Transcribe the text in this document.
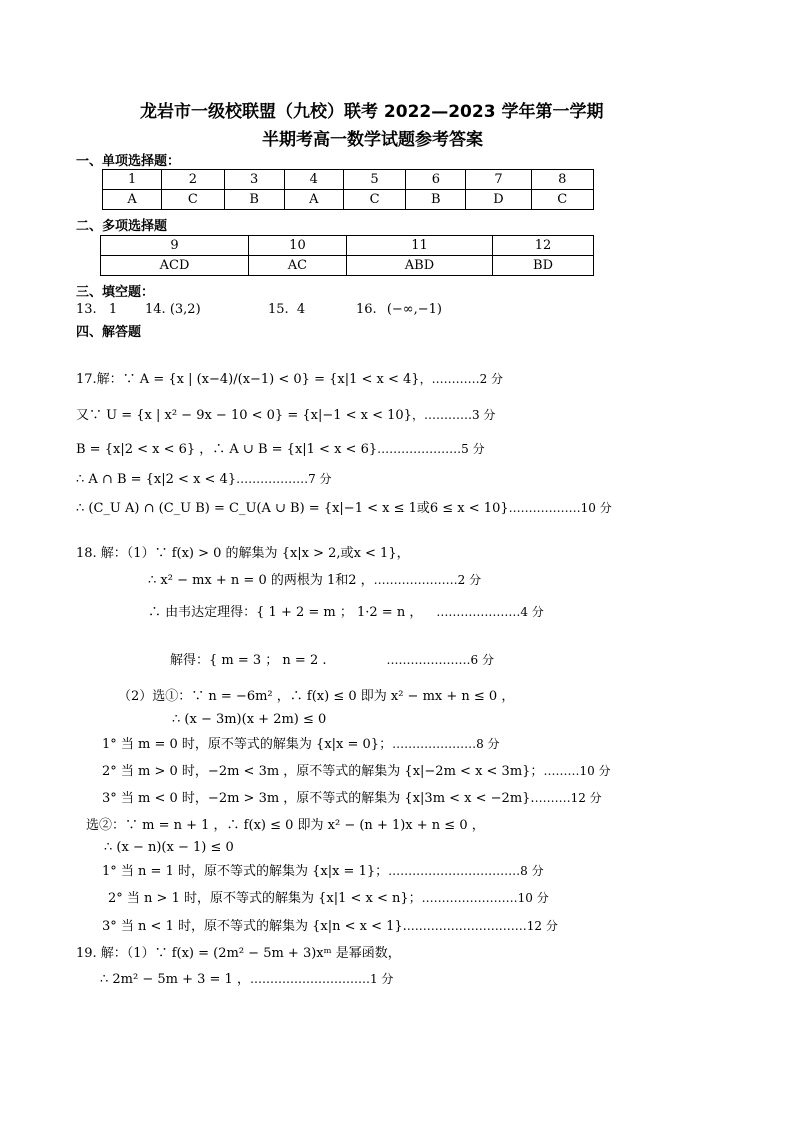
龙岩市一级校联盟（九校）联考 2022—2023 学年第一学期
半期考高一数学试题参考答案
一、单项选择题：
1	2	3	4	5	6	7	8
A	C	B	A	C	B	D	C
二、多项选择题
9	10	11	12
ACD	AC	ABD	BD
三、填空题：
13. 1 14. (3,2)	15. 4	16. (−∞,−1)
四、解答题
17.解：∵ A = {x | (x−4)/(x−1) < 0} = {x|1 < x < 4}，…………2 分
又∵ U = {x | x² − 9x − 10 < 0} = {x|−1 < x < 10}，…………3 分
B = {x|2 < x < 6} ，∴ A ∪ B = {x|1 < x < 6}…………………5 分
∴ A ∩ B = {x|2 < x < 4}………………7 分
∴ (C_U A) ∩ (C_U B) = C_U(A ∪ B) = {x|−1 < x ≤ 1或6 ≤ x < 10}………………10 分
18. 解：（1）∵ f(x) > 0 的解集为 {x|x > 2,或x < 1}，
∴ x² − mx + n = 0 的两根为 1和2 ，…………………2 分
∴ 由韦达定理得：{ 1 + 2 = m ； 1·2 = n ， …………………4 分
解得：{ m = 3 ； n = 2 .	…………………6 分
（2）选①：∵ n = −6m² ，∴ f(x) ≤ 0 即为 x² − mx + n ≤ 0 ，
∴ (x − 3m)(x + 2m) ≤ 0
1° 当 m = 0 时，原不等式的解集为 {x|x = 0}；…………………8 分
2° 当 m > 0 时，−2m < 3m ，原不等式的解集为 {x|−2m < x < 3m}；………10 分
3° 当 m < 0 时，−2m > 3m ，原不等式的解集为 {x|3m < x < −2m}.………12 分
选②：∵ m = n + 1 ，∴ f(x) ≤ 0 即为 x² − (n + 1)x + n ≤ 0 ，
∴ (x − n)(x − 1) ≤ 0
1° 当 n = 1 时，原不等式的解集为 {x|x = 1}；……………………………8 分
2° 当 n > 1 时，原不等式的解集为 {x|1 < x < n}；……………………10 分
3° 当 n < 1 时，原不等式的解集为 {x|n < x < 1}.…………………………12 分
19. 解：（1）∵ f(x) = (2m² − 5m + 3)xᵐ 是幂函数，
∴ 2m² − 5m + 3 = 1 ，…………………………1 分
